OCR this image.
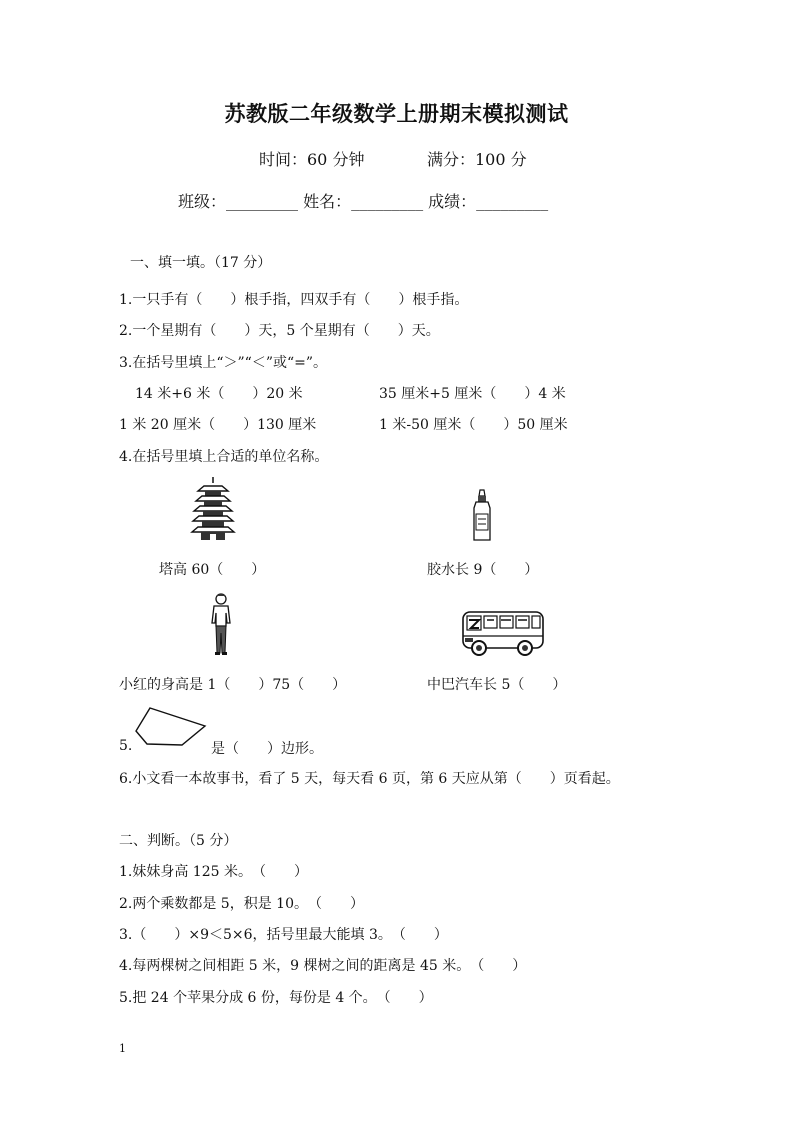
苏教版二年级数学上册期末模拟测试
时间：60 分钟	满分：100 分
班级：_________ 姓名：_________ 成绩：_________
一、填一填。（17 分）
1.一只手有（　　）根手指，四双手有（　　）根手指。
2.一个星期有（　　）天，5 个星期有（　　）天。
3.在括号里填上“＞”“＜”或“=”。
14 米+6 米（　　）20 米	35 厘米+5 厘米（　　）4 米
1 米 20 厘米（　　）130 厘米	1 米-50 厘米（　　）50 厘米
4.在括号里填上合适的单位名称。
塔高 60（　　）	胶水长 9（　　）
小红的身高是 1（　　）75（　　）	中巴汽车长 5（　　）
5.	是（　　）边形。
6.小文看一本故事书，看了 5 天，每天看 6 页，第 6 天应从第（　　）页看起。
二、判断。（5 分）
1.妹妹身高 125 米。　（　　）
2.两个乘数都是 5，积是 10。　（　　）
3.（　　）×9＜5×6，括号里最大能填 3。　（　　）
4.每两棵树之间相距 5 米，9 棵树之间的距离是 45 米。　（　　）
5.把 24 个苹果分成 6 份，每份是 4 个。　（　　）
1
